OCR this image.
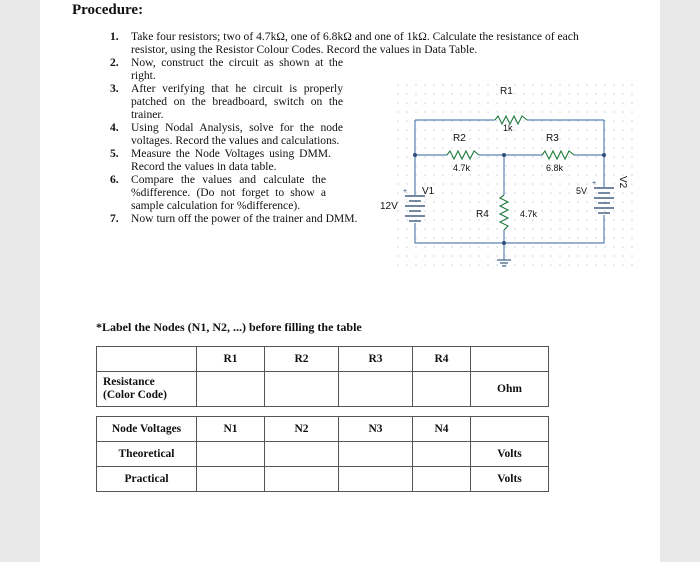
Procedure:
1. Take four resistors; two of 4.7kΩ, one of 6.8kΩ and one of 1kΩ. Calculate the resistance of each resistor, using the Resistor Colour Codes. Record the values in Data Table.
2. Now, construct the circuit as shown at the right.
3. After verifying that he circuit is properly patched on the breadboard, switch on the trainer.
4. Using Nodal Analysis, solve for the node voltages. Record the values and calculations.
5. Measure the Node Voltages using DMM. Record the values in data table.
6. Compare the values and calculate the %difference. (Do not forget to show a sample calculation for %difference).
7. Now turn off the power of the trainer and DMM.
+
+
R1
1k
R2
4.7k
R3
6.8k
R4	4.7k
V1
12V
V2
5V
*Label the Nodes (N1, N2, ...) before filling the table
	R1	R2	R3	R4	
Resistance
(Color Code)					Ohm
Node Voltages	N1	N2	N3	N4	
Theoretical					Volts
Practical					Volts
